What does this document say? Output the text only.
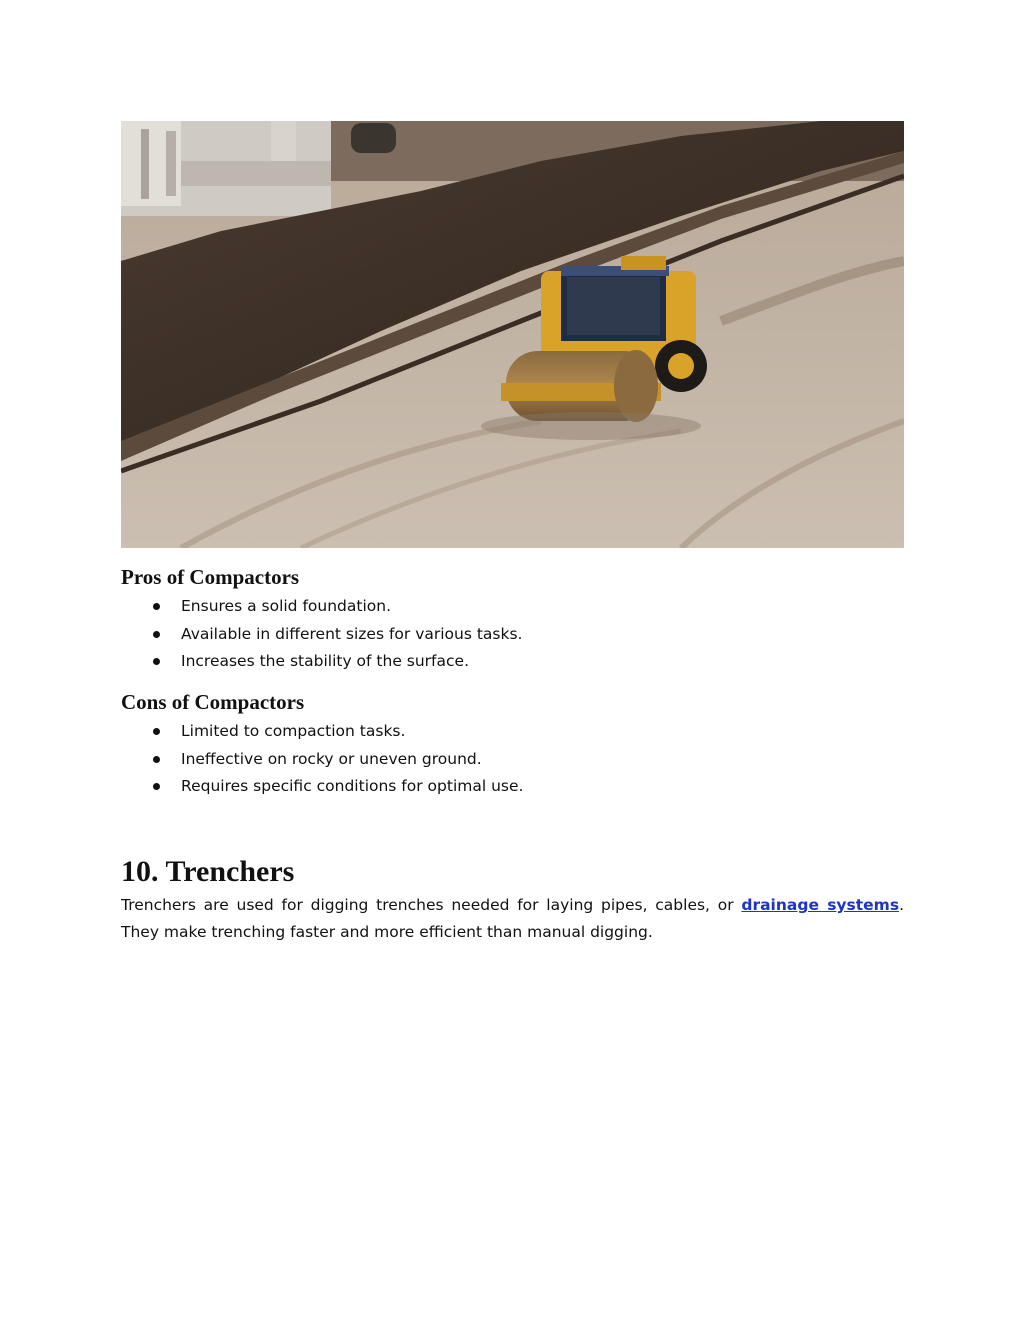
Pros of Compactors
Ensures a solid foundation.
Available in different sizes for various tasks.
Increases the stability of the surface.
Cons of Compactors
Limited to compaction tasks.
Ineffective on rocky or uneven ground.
Requires specific conditions for optimal use.
10. Trenchers

Trenchers are used for digging trenches needed for laying pipes, cables, or drainage systems. They make trenching faster and more efficient than manual digging.
